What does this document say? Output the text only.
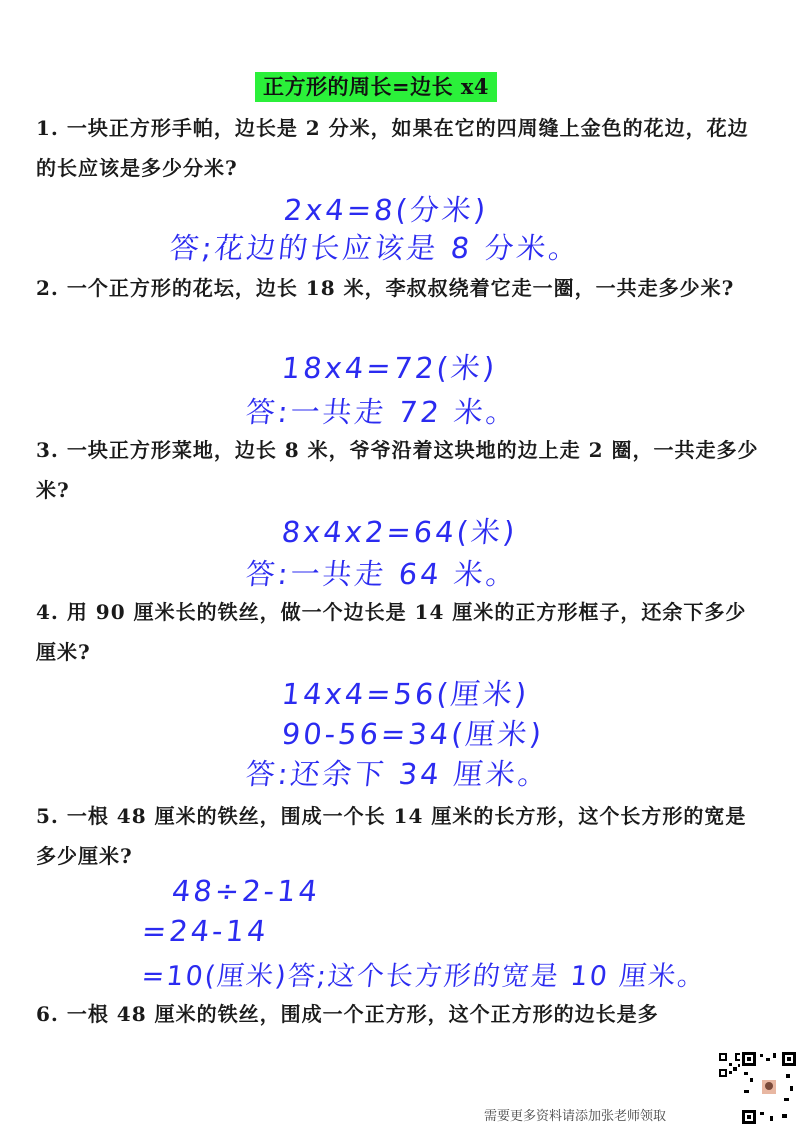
正方形的周长=边长 x4
1. 一块正方形手帕，边长是 2 分米，如果在它的四周缝上金色的花边，花边的长应该是多少分米?
2x4=8(分米)
答;花边的长应该是 8 分米。
2. 一个正方形的花坛，边长 18 米，李叔叔绕着它走一圈，一共走多少米?
18x4=72(米)
答:一共走 72 米。
3. 一块正方形菜地，边长 8 米，爷爷沿着这块地的边上走 2 圈，一共走多少米?
8x4x2=64(米)
答:一共走 64 米。
4. 用 90 厘米长的铁丝，做一个边长是 14 厘米的正方形框子，还余下多少厘米?
14x4=56(厘米)
90-56=34(厘米)
答:还余下 34 厘米。
5. 一根 48 厘米的铁丝，围成一个长 14 厘米的长方形，这个长方形的宽是多少厘米?
48÷2-14
=24-14
=10(厘米)答;这个长方形的宽是 10 厘米。
6. 一根 48 厘米的铁丝，围成一个正方形，这个正方形的边长是多
需要更多资料请添加张老师领取
